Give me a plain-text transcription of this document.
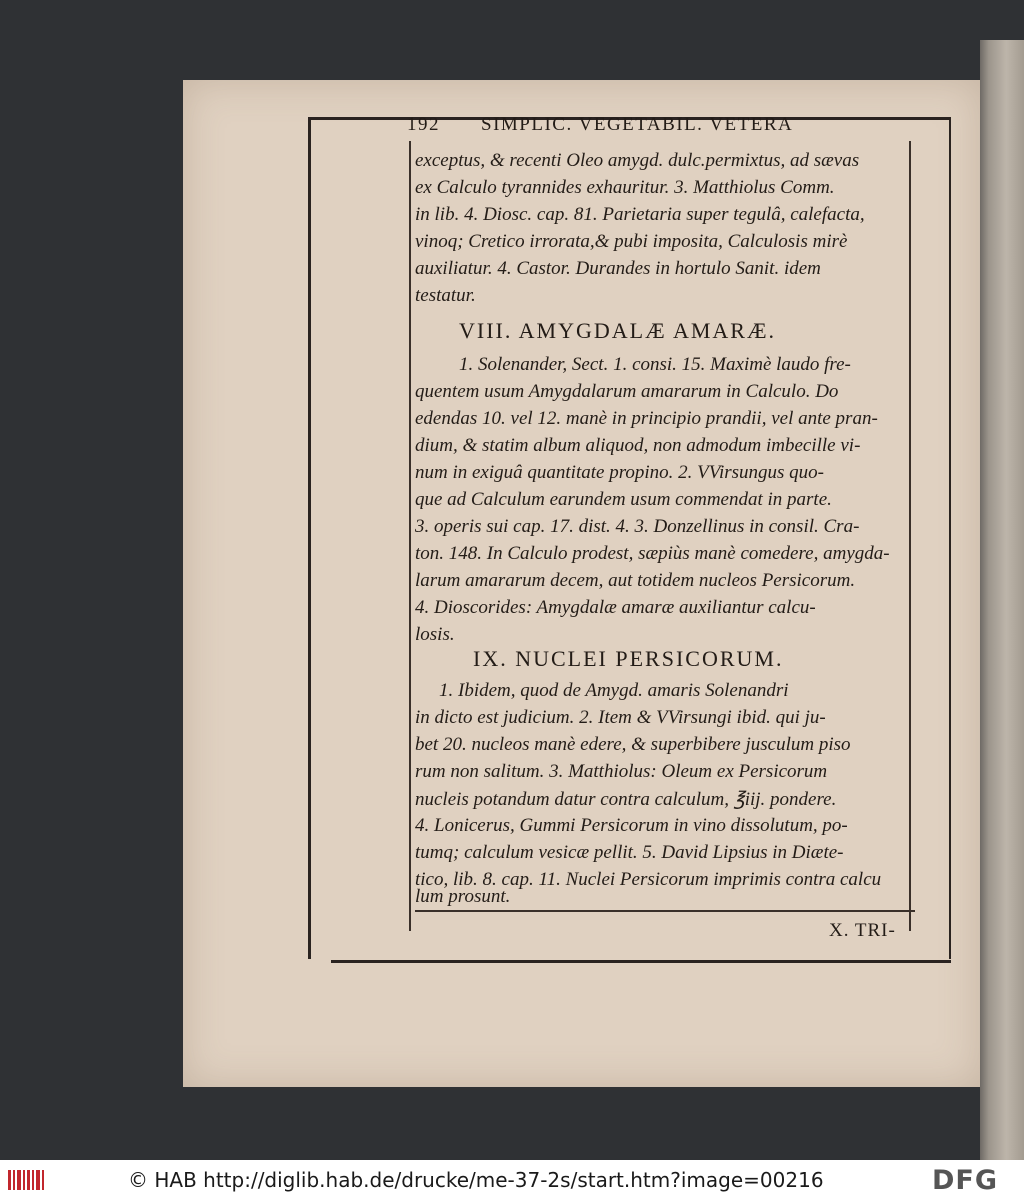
192 SIMPLIC. VEGETABIL. VETERA
exceptus, & recenti Oleo amygd. dulc.permixtus, ad sævas
ex Calculo tyrannides exhauritur. 3. Matthiolus Comm.
in lib. 4. Diosc. cap. 81. Parietaria super tegulâ, calefacta,
vinoq; Cretico irrorata,& pubi imposita, Calculosis mirè
auxiliatur. 4. Castor. Durandes in hortulo Sanit. idem
testatur.
VIII. AMYGDALÆ AMARÆ.
1. Solenander, Sect. 1. consi. 15. Maximè laudo fre-
quentem usum Amygdalarum amararum in Calculo. Do
edendas 10. vel 12. manè in principio prandii, vel ante pran-
dium, & statim album aliquod, non admodum imbecille vi-
num in exiguâ quantitate propino. 2. VVirsungus quo-
que ad Calculum earundem usum commendat in parte.
3. operis sui cap. 17. dist. 4. 3. Donzellinus in consil. Cra-
ton. 148. In Calculo prodest, sæpiùs manè comedere, amygda-
larum amararum decem, aut totidem nucleos Persicorum.
4. Dioscorides: Amygdalæ amaræ auxiliantur calcu-
losis.
IX. NUCLEI PERSICORUM.
1. Ibidem, quod de Amygd. amaris Solenandri
in dicto est judicium. 2. Item & VVirsungi ibid. qui ju-
bet 20. nucleos manè edere, & superbibere jusculum piso
rum non salitum. 3. Matthiolus: Oleum ex Persicorum
nucleis potandum datur contra calculum, ℥iij. pondere.
4. Lonicerus, Gummi Persicorum in vino dissolutum, po-
tumq; calculum vesicæ pellit. 5. David Lipsius in Diæte-
tico, lib. 8. cap. 11. Nuclei Persicorum imprimis contra calcu
lum prosunt.
X. TRI-
© HAB http://diglib.hab.de/drucke/me-37-2s/start.htm?image=00216	DFG
